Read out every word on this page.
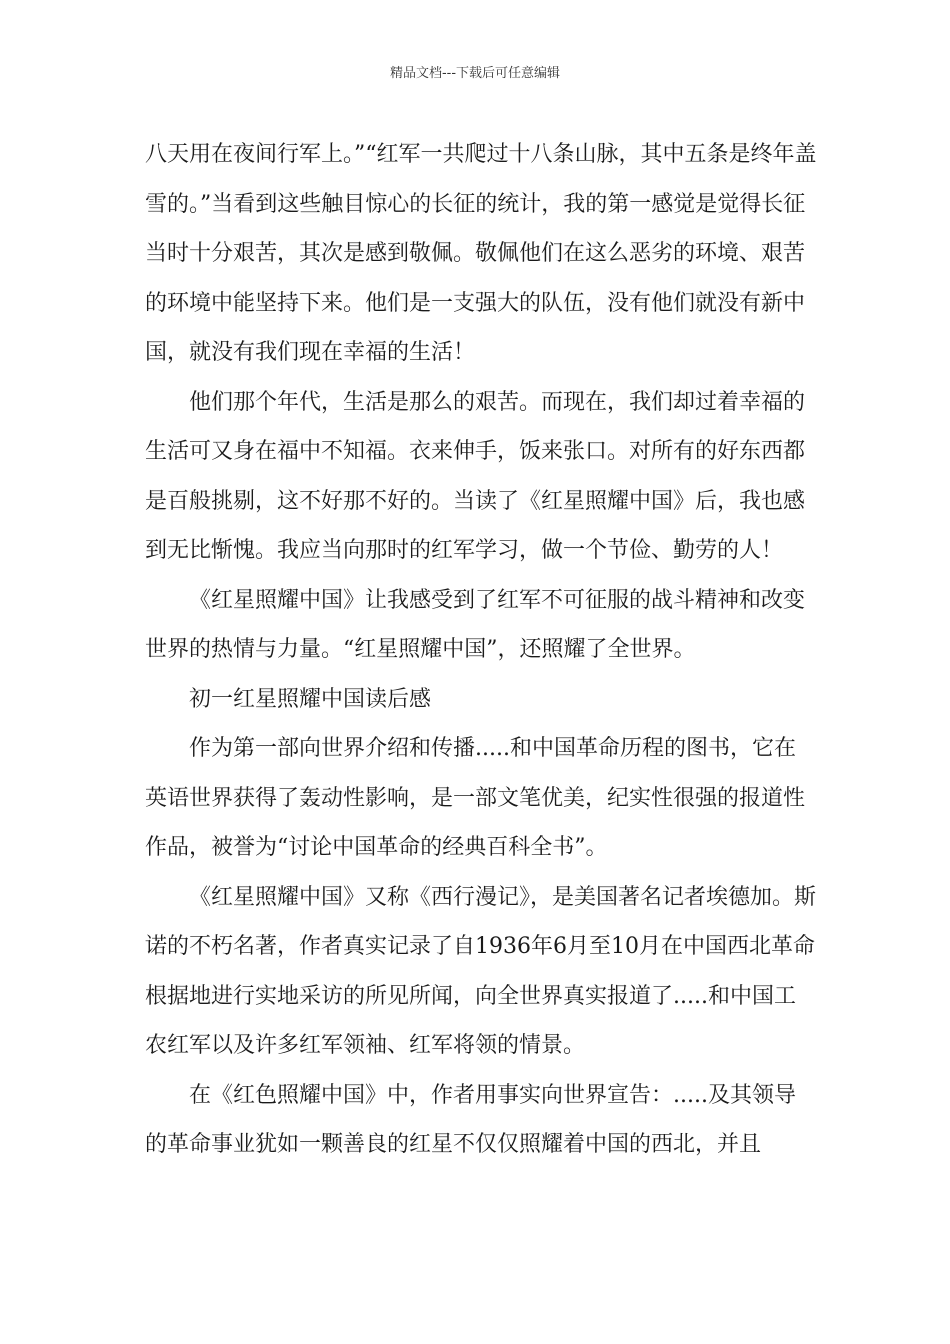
精品文档---下载后可任意编辑

八天用在夜间行军上。”“红军一共爬过十八条山脉，其中五条是终年盖雪的。”当看到这些触目惊心的长征的统计，我的第一感觉是觉得长征当时十分艰苦，其次是感到敬佩。敬佩他们在这么恶劣的环境、艰苦的环境中能坚持下来。他们是一支强大的队伍，没有他们就没有新中国，就没有我们现在幸福的生活！

他们那个年代，生活是那么的艰苦。而现在，我们却过着幸福的生活可又身在福中不知福。衣来伸手，饭来张口。对所有的好东西都是百般挑剔，这不好那不好的。当读了《红星照耀中国》后，我也感到无比惭愧。我应当向那时的红军学习，做一个节俭、勤劳的人！

《红星照耀中国》让我感受到了红军不可征服的战斗精神和改变世界的热情与力量。“红星照耀中国”，还照耀了全世界。

初一红星照耀中国读后感

作为第一部向世界介绍和传播.....和中国革命历程的图书，它在英语世界获得了轰动性影响，是一部文笔优美，纪实性很强的报道性作品，被誉为“讨论中国革命的经典百科全书”。

《红星照耀中国》又称《西行漫记》，是美国著名记者埃德加。斯诺的不朽名著，作者真实记录了自1936年6月至10月在中国西北革命根据地进行实地采访的所见所闻，向全世界真实报道了.....和中国工农红军以及许多红军领袖、红军将领的情景。

在《红色照耀中国》中，作者用事实向世界宣告：.....及其领导的革命事业犹如一颗善良的红星不仅仅照耀着中国的西北，并且
